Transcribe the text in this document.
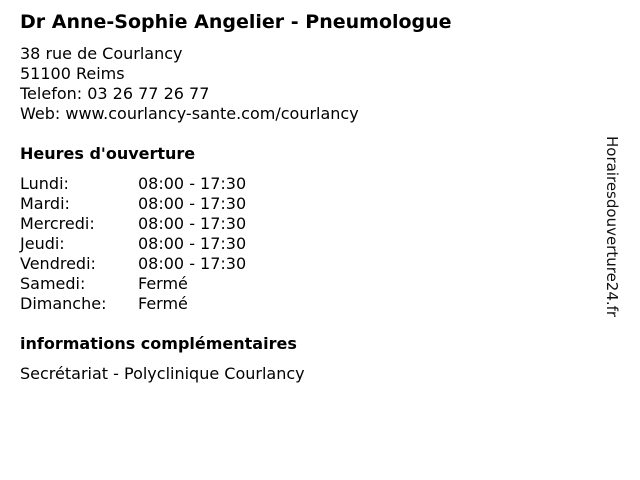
Dr Anne-Sophie Angelier - Pneumologue
38 rue de Courlancy
51100 Reims
Telefon: 03 26 77 26 77
Web: www.courlancy-sante.com/courlancy
Heures d'ouverture
Lundi:	08:00 - 17:30
Mardi:	08:00 - 17:30
Mercredi:	08:00 - 17:30
Jeudi:	08:00 - 17:30
Vendredi:	08:00 - 17:30
Samedi:	Fermé
Dimanche: Fermé
informations complémentaires
Secrétariat - Polyclinique Courlancy
Horairesdouverture24.fr
